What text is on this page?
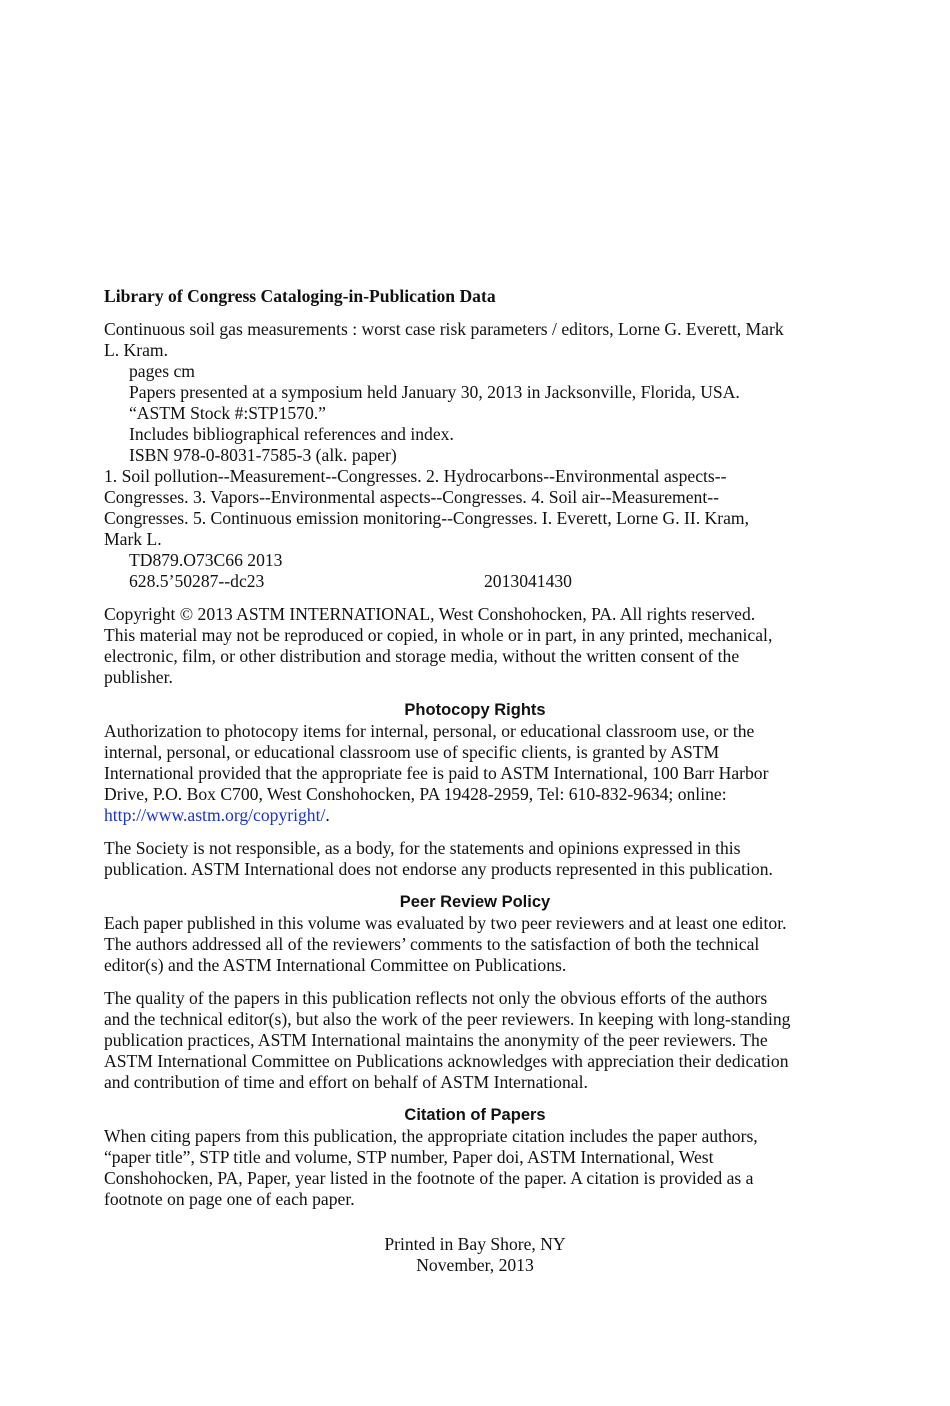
Library of Congress Cataloging-in-Publication Data

Continuous soil gas measurements : worst case risk parameters / editors, Lorne G. Everett, Mark

L. Kram.

pages cm

Papers presented at a symposium held January 30, 2013 in Jacksonville, Florida, USA.

“ASTM Stock #:STP1570.”

Includes bibliographical references and index.

ISBN 978-0-8031-7585-3 (alk. paper)

1. Soil pollution--Measurement--Congresses. 2. Hydrocarbons--Environmental aspects--

Congresses. 3. Vapors--Environmental aspects--Congresses. 4. Soil air--Measurement--

Congresses. 5. Continuous emission monitoring--Congresses. I. Everett, Lorne G. II. Kram,

Mark L.

TD879.O73C66 2013

628.5’50287--dc23	2013041430

Copyright © 2013 ASTM INTERNATIONAL, West Conshohocken, PA. All rights reserved.

This material may not be reproduced or copied, in whole or in part, in any printed, mechanical,

electronic, film, or other distribution and storage media, without the written consent of the

publisher.

Photocopy Rights

Authorization to photocopy items for internal, personal, or educational classroom use, or the

internal, personal, or educational classroom use of specific clients, is granted by ASTM

International provided that the appropriate fee is paid to ASTM International, 100 Barr Harbor

Drive, P.O. Box C700, West Conshohocken, PA 19428-2959, Tel: 610-832-9634; online:

http://www.astm.org/copyright/.

The Society is not responsible, as a body, for the statements and opinions expressed in this

publication. ASTM International does not endorse any products represented in this publication.

Peer Review Policy

Each paper published in this volume was evaluated by two peer reviewers and at least one editor.

The authors addressed all of the reviewers’ comments to the satisfaction of both the technical

editor(s) and the ASTM International Committee on Publications.

The quality of the papers in this publication reflects not only the obvious efforts of the authors

and the technical editor(s), but also the work of the peer reviewers. In keeping with long-standing

publication practices, ASTM International maintains the anonymity of the peer reviewers. The

ASTM International Committee on Publications acknowledges with appreciation their dedication

and contribution of time and effort on behalf of ASTM International.

Citation of Papers

When citing papers from this publication, the appropriate citation includes the paper authors,

“paper title”, STP title and volume, STP number, Paper doi, ASTM International, West

Conshohocken, PA, Paper, year listed in the footnote of the paper. A citation is provided as a

footnote on page one of each paper.

Printed in Bay Shore, NY

November, 2013
